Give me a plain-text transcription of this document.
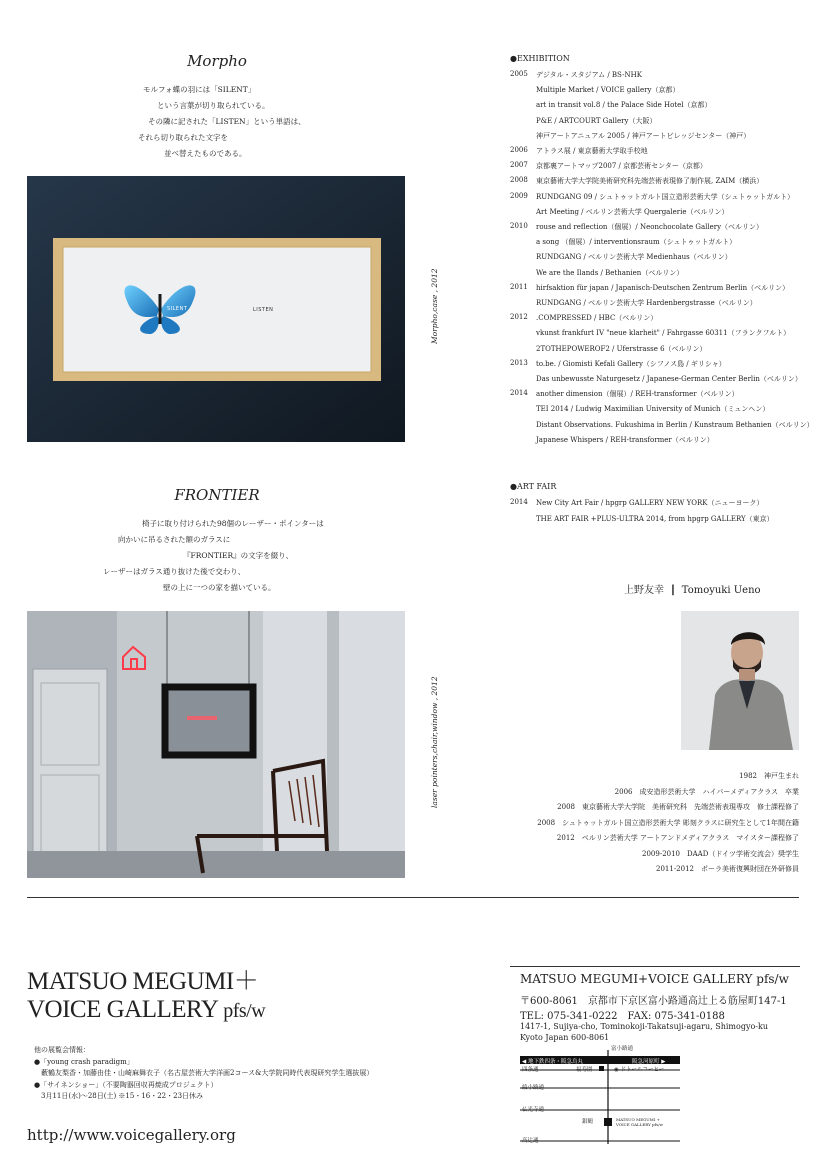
Morpho
モルフォ蝶の羽には「SILENT」
という言葉が切り取られている。
その隣に記された「LISTEN」という単語は、
それら切り取られた文字を
並べ替えたものである。
SILENT	LISTEN	Morpho,case , 2012
FRONTIER
椅子に取り付けられた98個のレーザー・ポインターは
向かいに吊るされた額のガラスに
『FRONTIER』の文字を綴り、
レーザーはガラス通り抜けた後で交わり、
壁の上に一つの家を描いている。
laser pointers,chair,window , 2012
●EXHIBITION
2005 デジタル・スタジアム / BS-NHK
Multiple Market / VOICE gallery（京都）
art in transit vol.8 / the Palace Side Hotel（京都）
P&E / ARTCOURT Gallery（大阪）
神戸アートアニュアル 2005 / 神戸アートビレッジセンター（神戸）
2006 アトラス展 / 東京藝術大学取手校地
2007 京都裏アートマップ2007 / 京都芸術センター（京都）
2008 東京藝術大学大学院美術研究科先端芸術表現修了制作展, ZAIM（横浜）
2009 RUNDGANG 09 / シュトゥットガルト国立造形芸術大学（シュトゥットガルト）
Art Meeting / ベルリン芸術大学 Quergalerie（ベルリン）
2010 rouse and reflection（個展）/ Neonchocolate Gallery（ベルリン）
a song （個展）/ interventionsraum（シュトゥットガルト）
RUNDGANG / ベルリン芸術大学 Medienhaus（ベルリン）
We are the Ilands / Bethanien（ベルリン）
2011 hirfsaktion für japan / Japanisch-Deutschen Zentrum Berlin（ベルリン）
RUNDGANG / ベルリン芸術大学 Hardenbergstrasse（ベルリン）
2012 .COMPRESSED / HBC（ベルリン）
vkunst frankfurt IV "neue klarheit" / Fahrgasse 60311（フランクフルト）
2TOTHEPOWEROF2 / Uferstrasse 6（ベルリン）
2013 to.be. / Giomisti Kefali Gallery（シフノス島 / ギリシャ）
Das unbewusste Naturgesetz / Japanese-German Center Berlin（ベルリン）
2014 another dimension（個展）/ REH-transformer（ベルリン）
TEI 2014 / Ludwig Maximilian University of Munich（ミュンヘン）
Distant Observations. Fukushima in Berlin / Kunstraum Bethanien（ベルリン）
Japanese Whispers / REH-transformer（ベルリン）
●ART FAIR
2014 New City Art Fair / hpgrp GALLERY NEW YORK（ニューヨーク）
THE ART FAIR +PLUS-ULTRA 2014, from hpgrp GALLERY（東京）
上野友幸 ┃ Tomoyuki Ueno
1982　神戸生まれ
2006　成安造形芸術大学　ハイパーメディアクラス　卒業
2008　東京藝術大学大学院　美術研究科　先端芸術表現専攻　修士課程修了
2008　シュトゥットガルト国立造形芸術大学 彫刻クラスに研究生として1年間在籍
2012　ベルリン芸術大学 アートアンドメディアクラス　マイスター課程修了
2009-2010　DAAD（ドイツ学術交流会）奨学生
2011-2012　ポーラ美術復興財団在外研修員
MATSUO MEGUMI＋
VOICE GALLERY pfs/w
他の展覧会情報：
●「young crash paradigm」
　藪鶴友梨香・加藤由佳・山崎麻舞衣子（名古屋芸術大学洋画2コース&大学院同時代表現研究学生選抜展）
●「サイネンショー」（不要陶器回収再焼成プロジェクト）
　3月11日(水)〜28日(土) ※15・16・22・23日休み
http://www.voicegallery.org
MATSUO MEGUMI+VOICE GALLERY pfs/w
〒600-8061　京都市下京区富小路通高辻上る筋屋町147-1
TEL: 075-341-0222　FAX: 075-341-0188
1417-1, Sujiya-cho, Tominokoji-Takatsuji-agaru, Shimogyo-ku
Kyoto Japan 600-8061
富小路通
◀ 地下鉄四条・阪急烏丸	阪急河原町 ▶
四条通	福寿園	◉ ドトールコーヒー
綾小路通
仏光寺通
銀鶴	MATSUO MEGUMI +
VOICE GALLERY pfs/w
高辻通
